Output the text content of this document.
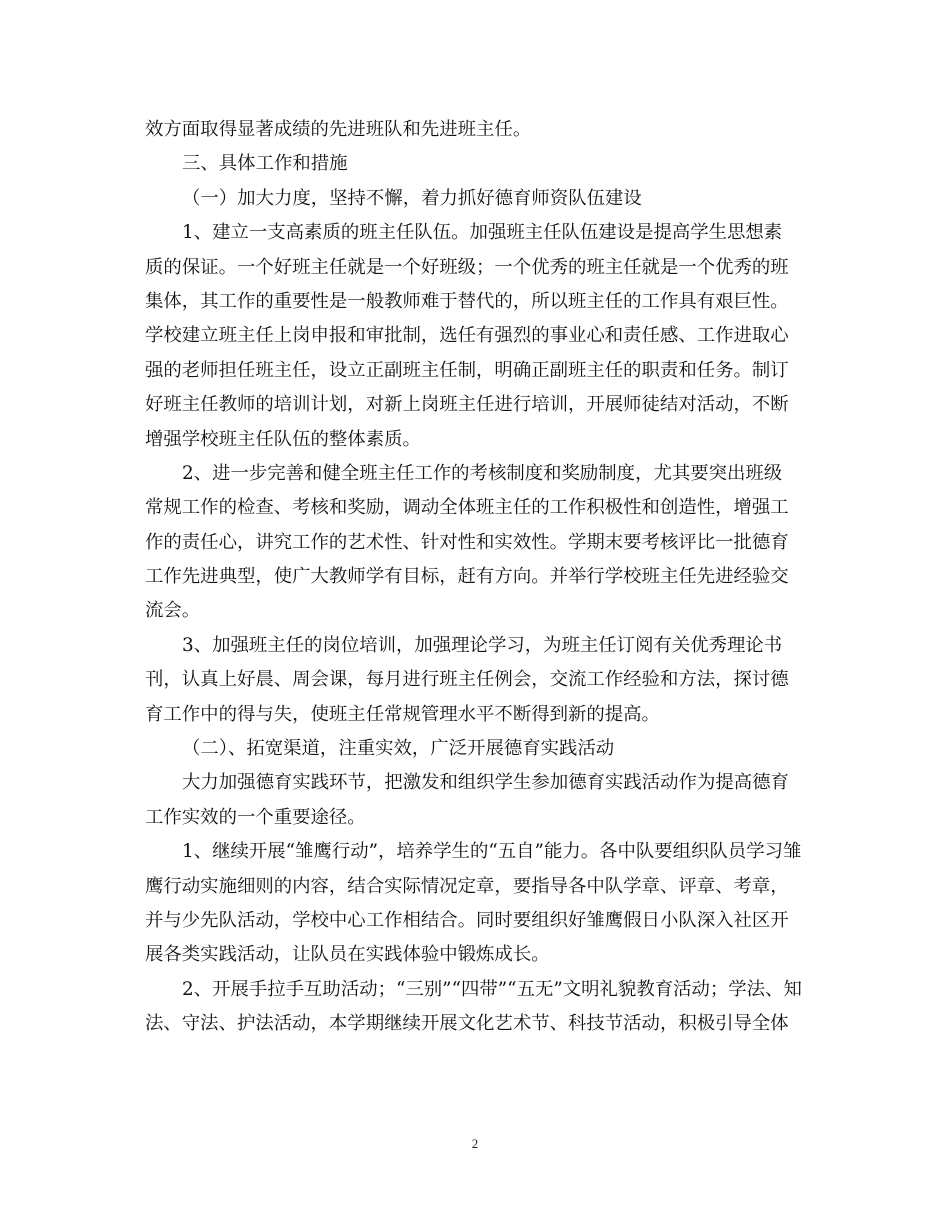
效方面取得显著成绩的先进班队和先进班主任。
三、具体工作和措施
（一）加大力度，坚持不懈，着力抓好德育师资队伍建设
1、建立一支高素质的班主任队伍。加强班主任队伍建设是提高学生思想素
质的保证。一个好班主任就是一个好班级；一个优秀的班主任就是一个优秀的班
集体，其工作的重要性是一般教师难于替代的，所以班主任的工作具有艰巨性。
学校建立班主任上岗申报和审批制，选任有强烈的事业心和责任感、工作进取心
强的老师担任班主任，设立正副班主任制，明确正副班主任的职责和任务。制订
好班主任教师的培训计划，对新上岗班主任进行培训，开展师徒结对活动，不断
增强学校班主任队伍的整体素质。
2、进一步完善和健全班主任工作的考核制度和奖励制度，尤其要突出班级
常规工作的检查、考核和奖励，调动全体班主任的工作积极性和创造性，增强工
作的责任心，讲究工作的艺术性、针对性和实效性。学期末要考核评比一批德育
工作先进典型，使广大教师学有目标，赶有方向。并举行学校班主任先进经验交
流会。
3、加强班主任的岗位培训，加强理论学习，为班主任订阅有关优秀理论书
刊，认真上好晨、周会课，每月进行班主任例会，交流工作经验和方法，探讨德
育工作中的得与失，使班主任常规管理水平不断得到新的提高。
（二）、拓宽渠道，注重实效，广泛开展德育实践活动
大力加强德育实践环节，把激发和组织学生参加德育实践活动作为提高德育
工作实效的一个重要途径。
1、继续开展“雏鹰行动”，培养学生的“五自”能力。各中队要组织队员学习雏
鹰行动实施细则的内容，结合实际情况定章，要指导各中队学章、评章、考章，
并与少先队活动，学校中心工作相结合。同时要组织好雏鹰假日小队深入社区开
展各类实践活动，让队员在实践体验中锻炼成长。
2、开展手拉手互助活动；“三别”“四带”“五无”文明礼貌教育活动；学法、知
法、守法、护法活动，本学期继续开展文化艺术节、科技节活动，积极引导全体
2
